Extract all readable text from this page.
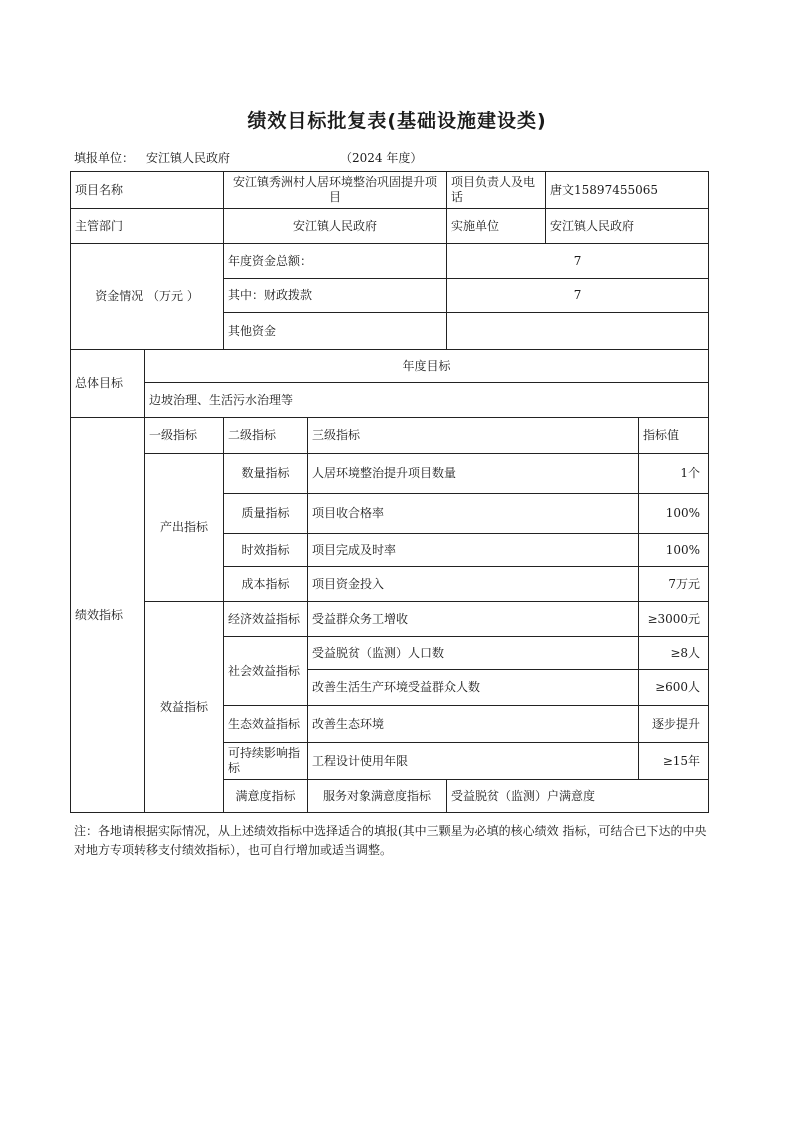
绩效目标批复表(基础设施建设类)
填报单位： 安江镇人民政府	（2024 年度）
项目名称		安江镇秀洲村人居环境整治巩固提升项目		项目负责人及电话	唐文15897455065		
主管部门		安江镇人民政府		实施单位	安江镇人民政府		
资金情况 （万元 ）		年度资金总额：		7			
		其中：财政拨款		7			
		其他资金					
总体目标	年度目标						
	边坡治理、生活污水治理等						
绩效指标	一级指标	二级指标	三级指标			指标值	
	产出指标	数量指标	人居环境整治提升项目数量			1个	
		质量指标	项目收合格率			100%	
		时效指标	项目完成及时率			100%	
		成本指标	项目资金投入			7万元	
	效益指标	经济效益指标	受益群众务工增收			≥3000元	
		社会效益指标	受益脱贫（监测）人口数			≥8人	
			改善生活生产环境受益群众人数			≥600人	
		生态效益指标	改善生态环境			逐步提升	
		可持续影响指标	工程设计使用年限			≥15年	
		满意度指标	服务对象满意度指标	受益脱贫（监测）户满意度	
注：各地请根据实际情况，从上述绩效指标中选择适合的填报(其中三颗星为必填的核心绩效 指标，可结合已下达的中央对地方专项转移支付绩效指标），也可自行增加或适当调整。
